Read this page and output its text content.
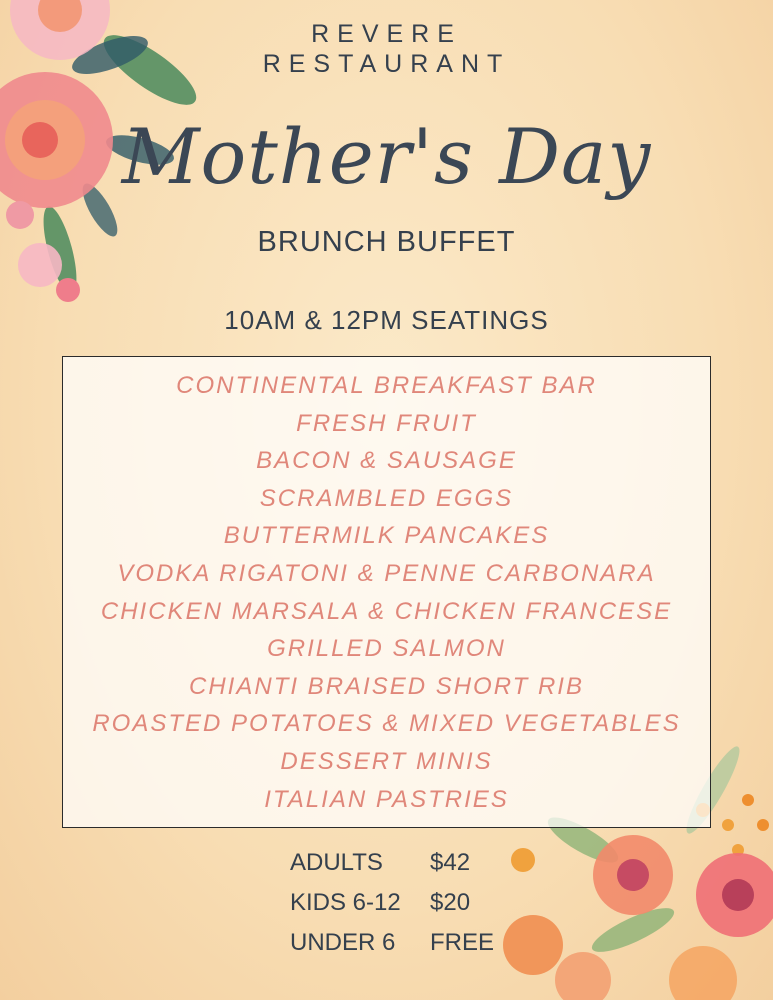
REVERE
RESTAURANT
Mother's Day
BRUNCH BUFFET
10AM & 12PM SEATINGS
CONTINENTAL BREAKFAST BAR
FRESH FRUIT
BACON & SAUSAGE
SCRAMBLED EGGS
BUTTERMILK PANCAKES
VODKA RIGATONI & PENNE CARBONARA
CHICKEN MARSALA & CHICKEN FRANCESE
GRILLED SALMON
CHIANTI BRAISED SHORT RIB
ROASTED POTATOES & MIXED VEGETABLES
DESSERT MINIS
ITALIAN PASTRIES
ADULTS $42
KIDS 6-12 $20
UNDER 6 FREE
